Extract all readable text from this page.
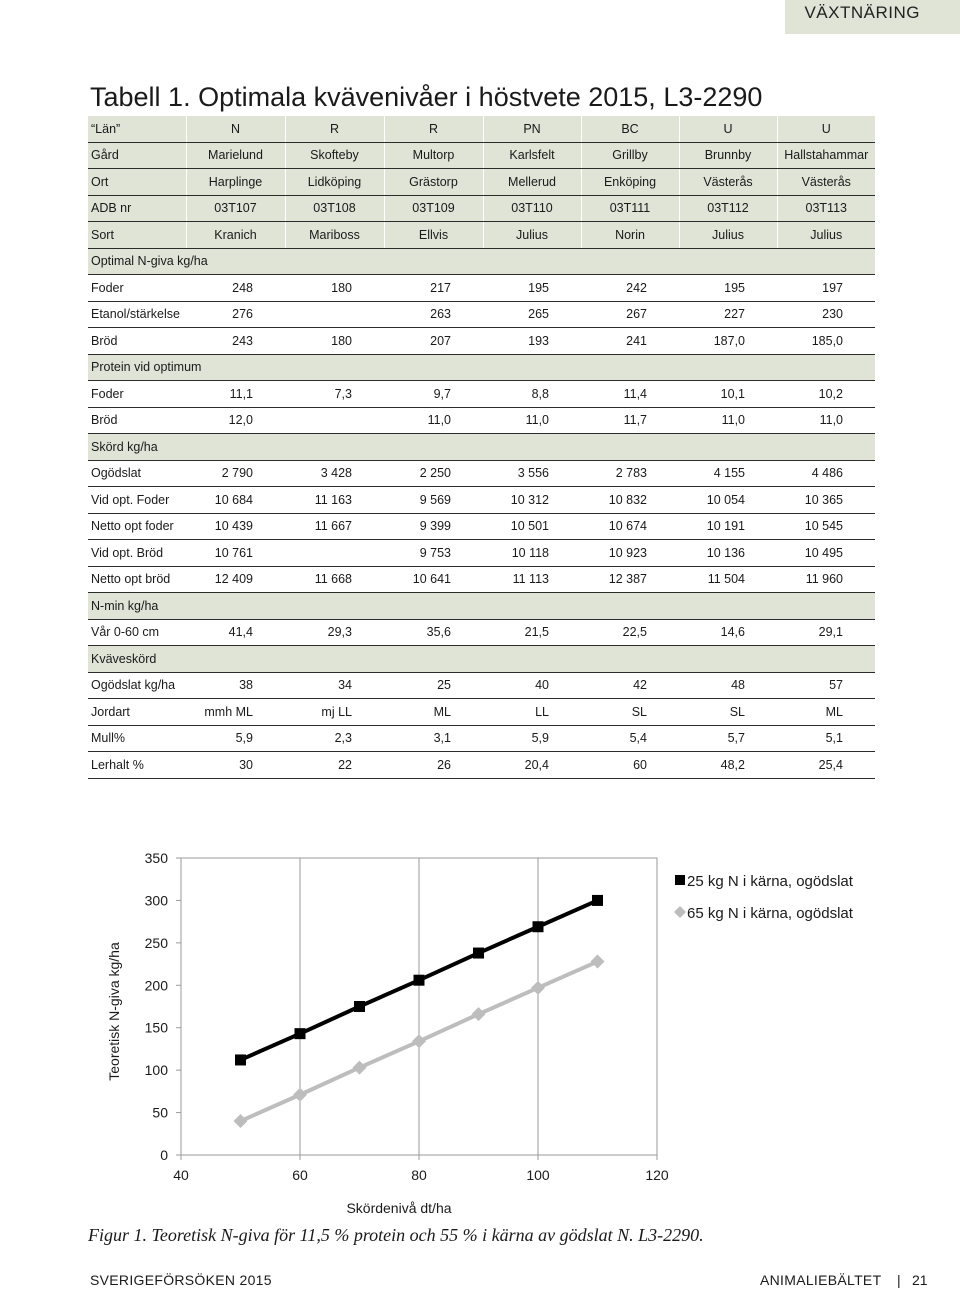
VÄXTNÄRING
Tabell 1. Optimala kvävenivåer i höstvete 2015, L3-2290
“Län”	N	R	R	PN	BC	U	U
Gård	Marielund	Skofteby	Multorp	Karlsfelt	Grillby	Brunnby	Hallstahammar
Ort	Harplinge	Lidköping	Grästorp	Mellerud	Enköping	Västerås	Västerås
ADB nr	03T107	03T108	03T109	03T110	03T111	03T112	03T113
Sort	Kranich	Mariboss	Ellvis	Julius	Norin	Julius	Julius
Optimal N-giva kg/ha							
Foder	248	180	217	195	242	195	197
Etanol/stärkelse	276		263	265	267	227	230
Bröd	243	180	207	193	241	187,0	185,0
Protein vid optimum							
Foder	11,1	7,3	9,7	8,8	11,4	10,1	10,2
Bröd	12,0		11,0	11,0	11,7	11,0	11,0
Skörd kg/ha							
Ogödslat	2 790	3 428	2 250	3 556	2 783	4 155	4 486
Vid opt. Foder	10 684	11 163	9 569	10 312	10 832	10 054	10 365
Netto opt foder	10 439	11 667	9 399	10 501	10 674	10 191	10 545
Vid opt. Bröd	10 761		9 753	10 118	10 923	10 136	10 495
Netto opt bröd	12 409	11 668	10 641	11 113	12 387	11 504	11 960
N-min kg/ha							
Vår 0-60 cm	41,4	29,3	35,6	21,5	22,5	14,6	29,1
Kväveskörd							
Ogödslat kg/ha	38	34	25	40	42	48	57
Jordart	mmh ML	mj LL	ML	LL	SL	SL	ML
Mull%	5,9	2,3	3,1	5,9	5,4	5,7	5,1
Lerhalt %	30	22	26	20,4	60	48,2	25,4
40	60	80	100	120
0
50
100
150
200
250
300
350
Skördenivå dt/ha
Teoretisk N-giva kg/ha
25 kg N i kärna, ogödslat
65 kg N i kärna, ogödslat
Figur 1. Teoretisk N-giva för 11,5 % protein och 55 % i kärna av gödslat N. L3-2290.
SVERIGEFÖRSÖKEN 2015	ANIMALIEBÄLTET | 21
